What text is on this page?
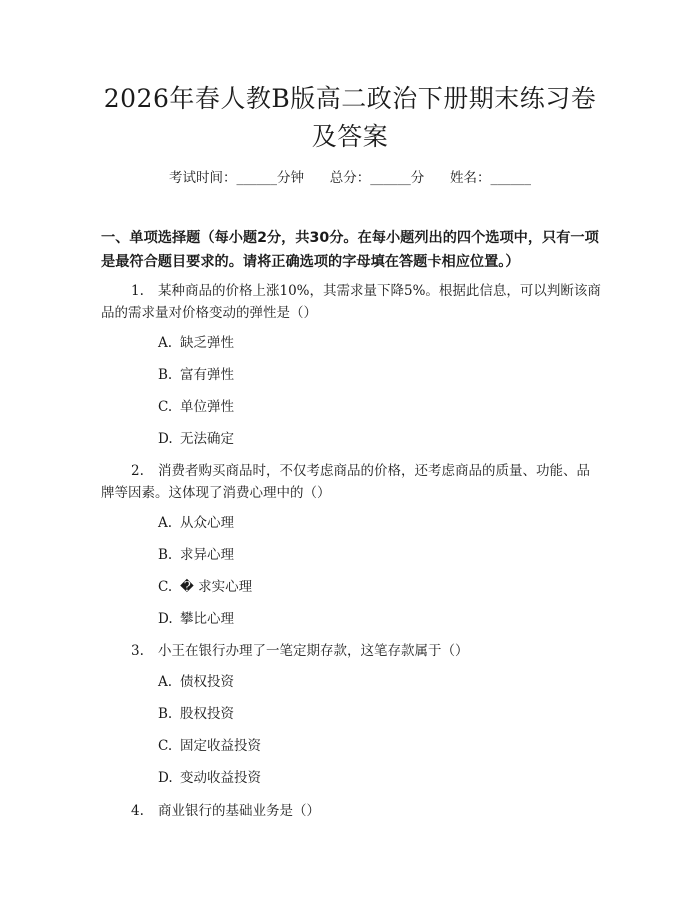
2026年春人教B版高二政治下册期末练习卷
及答案
考试时间：______分钟      总分：______分      姓名：______
一、单项选择题（每小题2分，共30分。在每小题列出的四个选项中，只有一项是最符合题目要求的。请将正确选项的字母填在答题卡相应位置。）
1. 某种商品的价格上涨10%，其需求量下降5%。根据此信息，可以判断该商品的需求量对价格变动的弹性是（）
A. 缺乏弹性
B. 富有弹性
C. 单位弹性
D. 无法确定
2. 消费者购买商品时，不仅考虑商品的价格，还考虑商品的质量、功能、品牌等因素。这体现了消费心理中的（）
A. 从众心理
B. 求异心理
C. � 求实心理
D. 攀比心理
3. 小王在银行办理了一笔定期存款，这笔存款属于（）
A. 债权投资
B. 股权投资
C. 固定收益投资
D. 变动收益投资
4. 商业银行的基础业务是（）
